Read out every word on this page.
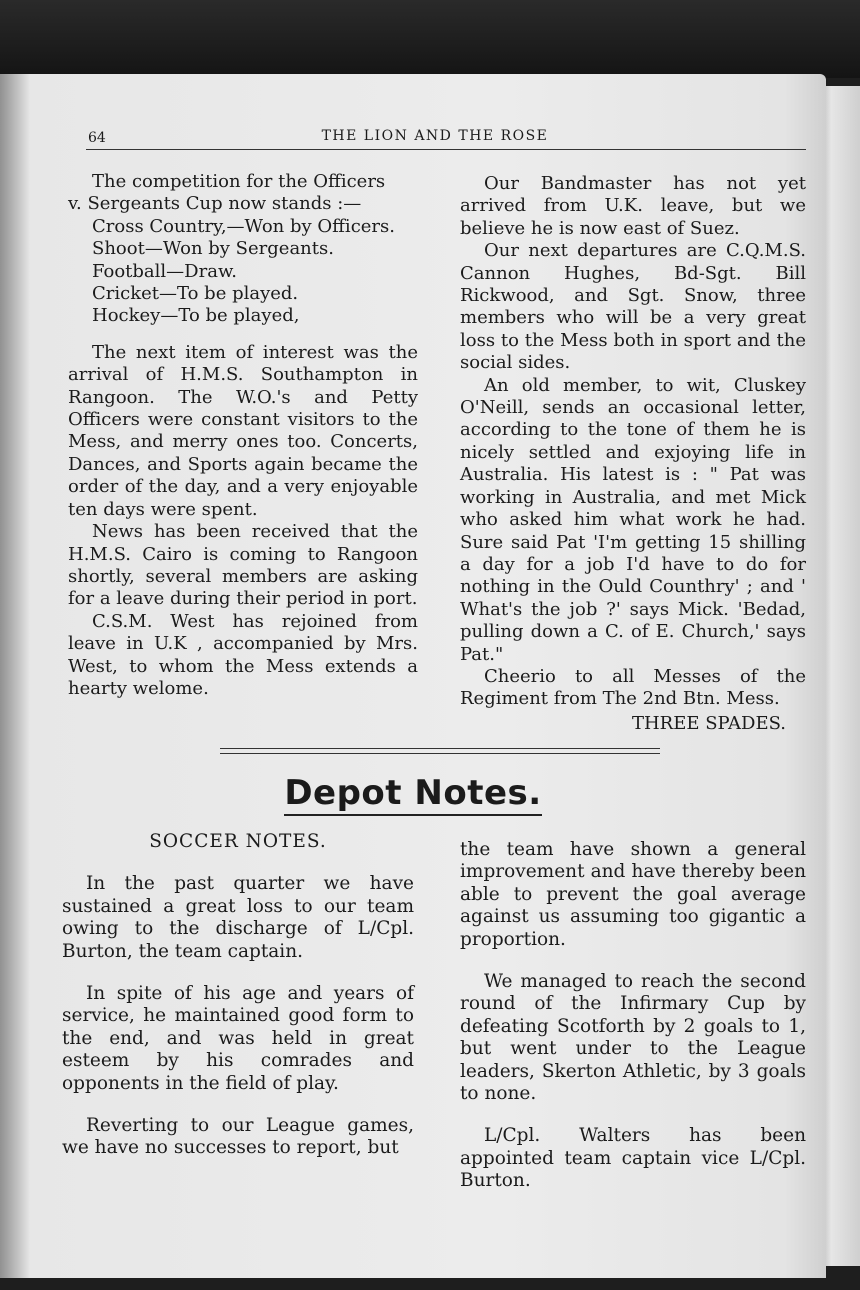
64	THE LION AND THE ROSE

The competition for the Officers

v. Sergeants Cup now stands :—

Cross Country,—Won by Officers.

Shoot—Won by Sergeants.

Football—Draw.

Cricket—To be played.

Hockey—To be played,

The next item of interest was the arrival of H.M.S. Southampton in Rangoon. The W.O.'s and Petty Officers were constant visitors to the Mess, and merry ones too. Concerts, Dances, and Sports again became the order of the day, and a very enjoyable ten days were spent.

News has been received that the H.M.S. Cairo is coming to Rangoon shortly, several members are asking for a leave during their period in port.

C.S.M. West has rejoined from leave in U.K , accompanied by Mrs. West, to whom the Mess extends a hearty welome.

Our Bandmaster has not yet arrived from U.K. leave, but we believe he is now east of Suez.

Our next departures are C.Q.M.S. Cannon Hughes, Bd-Sgt. Bill Rickwood, and Sgt. Snow, three members who will be a very great loss to the Mess both in sport and the social sides.

An old member, to wit, Cluskey O'Neill, sends an occasional letter, according to the tone of them he is nicely settled and exjoying life in Australia. His latest is : " Pat was working in Australia, and met Mick who asked him what work he had. Sure said Pat 'I'm getting 15 shilling a day for a job I'd have to do for nothing in the Ould Counthry' ; and ' What's the job ?' says Mick. 'Bedad, pulling down a C. of E. Church,' says Pat."

Cheerio to all Messes of the Regiment from The 2nd Btn. Mess.

THREE SPADES.

Depot Notes.

SOCCER NOTES.

In the past quarter we have sustained a great loss to our team owing to the discharge of L/Cpl. Burton, the team captain.

In spite of his age and years of service, he maintained good form to the end, and was held in great esteem by his comrades and opponents in the field of play.

Reverting to our League games, we have no successes to report, but

the team have shown a general improvement and have thereby been able to prevent the goal average against us assuming too gigantic a proportion.

We managed to reach the second round of the Infirmary Cup by defeating Scotforth by 2 goals to 1, but went under to the League leaders, Skerton Athletic, by 3 goals to none.

L/Cpl. Walters has been appointed team captain vice L/Cpl. Burton.
